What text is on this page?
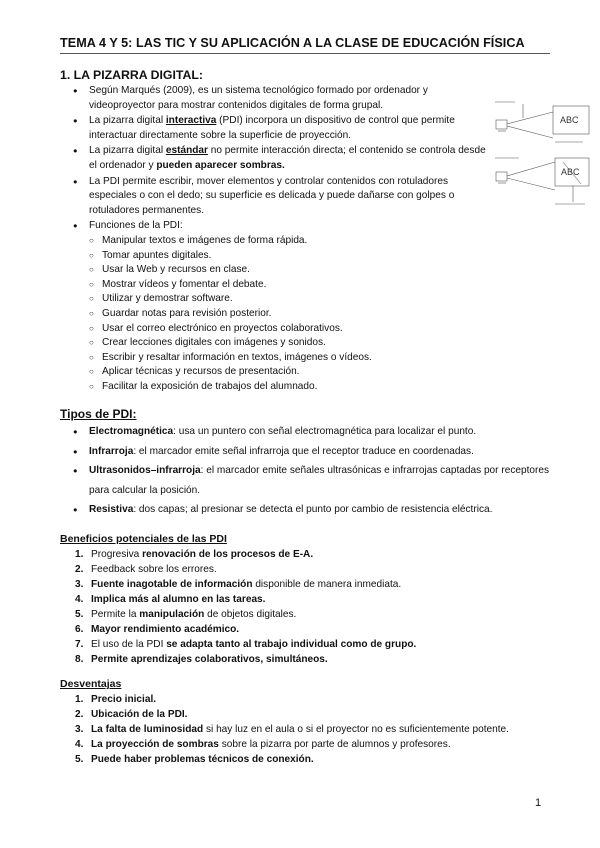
TEMA 4 Y 5: LAS TIC Y SU APLICACIÓN A LA CLASE DE EDUCACIÓN FÍSICA
1. LA PIZARRA DIGITAL:
● Según Marqués (2009), es un sistema tecnológico formado por ordenador y videoproyector para mostrar contenidos digitales de forma grupal.
● La pizarra digital interactiva (PDI) incorpora un dispositivo de control que permite interactuar directamente sobre la superficie de proyección.
● La pizarra digital estándar no permite interacción directa; el contenido se controla desde el ordenador y pueden aparecer sombras.
● La PDI permite escribir, mover elementos y controlar contenidos con rotuladores especiales o con el dedo; su superficie es delicada y puede dañarse con golpes o rotuladores permanentes.
● Funciones de la PDI:
○ Manipular textos e imágenes de forma rápida.
○ Tomar apuntes digitales.
○ Usar la Web y recursos en clase.
○ Mostrar vídeos y fomentar el debate.
○ Utilizar y demostrar software.
○ Guardar notas para revisión posterior.
○ Usar el correo electrónico en proyectos colaborativos.
○ Crear lecciones digitales con imágenes y sonidos.
○ Escribir y resaltar información en textos, imágenes o vídeos.
○ Aplicar técnicas y recursos de presentación.
○ Facilitar la exposición de trabajos del alumnado.
ABC
ABC
Tipos de PDI:
● Electromagnética: usa un puntero con señal electromagnética para localizar el punto.
● Infrarroja: el marcador emite señal infrarroja que el receptor traduce en coordenadas.
● Ultrasonidos–infrarroja: el marcador emite señales ultrasónicas e infrarrojas captadas por receptores para calcular la posición.
● Resistiva: dos capas; al presionar se detecta el punto por cambio de resistencia eléctrica.
Beneficios potenciales de las PDI
1. Progresiva renovación de los procesos de E-A.
2. Feedback sobre los errores.
3. Fuente inagotable de información disponible de manera inmediata.
4. Implica más al alumno en las tareas.
5. Permite la manipulación de objetos digitales.
6. Mayor rendimiento académico.
7. El uso de la PDI se adapta tanto al trabajo individual como de grupo.
8. Permite aprendizajes colaborativos, simultáneos.
Desventajas
1. Precio inicial.
2. Ubicación de la PDI.
3. La falta de luminosidad si hay luz en el aula o si el proyector no es suficientemente potente.
4. La proyección de sombras sobre la pizarra por parte de alumnos y profesores.
5. Puede haber problemas técnicos de conexión.
1
